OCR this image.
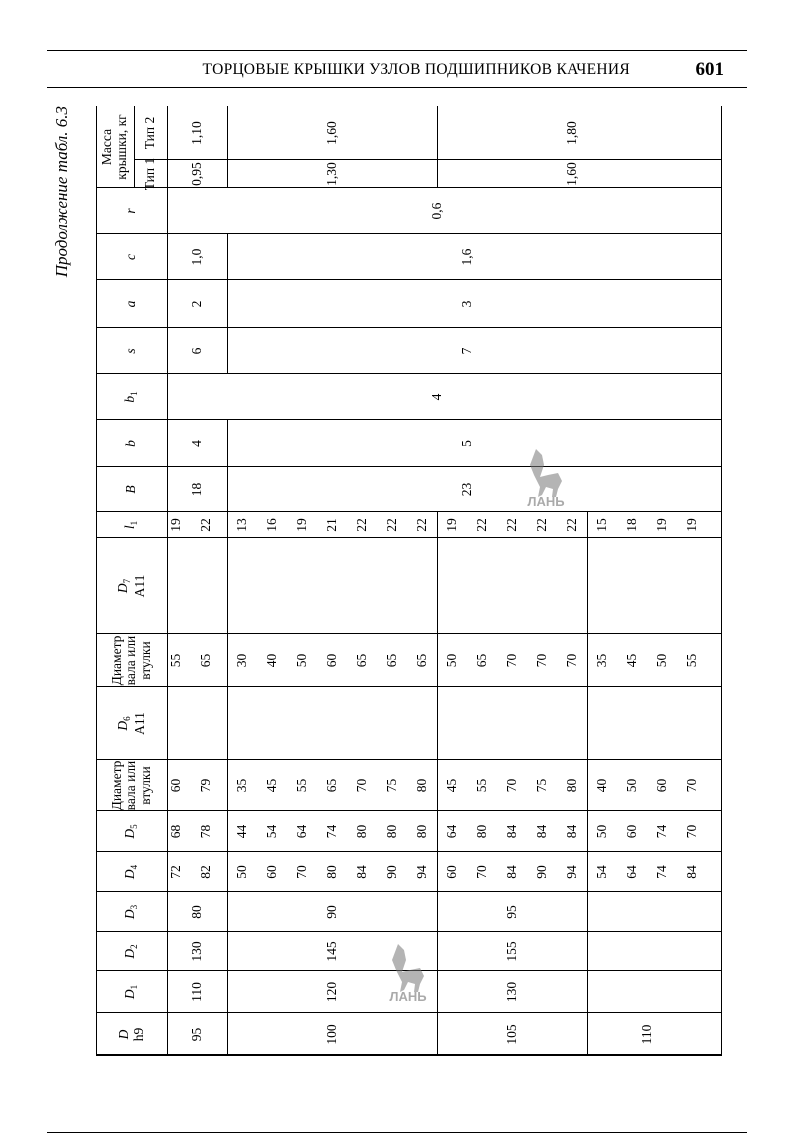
ТОРЦОВЫЕ КРЫШКИ УЗЛОВ ПОДШИПНИКОВ КАЧЕНИЯ	601
Продолжение табл. 6.3
D h9
$D_1$
$D_2$
$D_3$
$D_4$
$D_5$
Диаметр вала или втулки
$D_6$ A11
Диаметр вала или втулки
$D_7$ A11
$l_1$
B
b
$b_1$
s
a
c
r
Масса крышки, кг Тип 1
Тип 2
72
68
60
55
19
82
78
79
65
22
50
44
35
30
13
60
54
45
40
16
70
64
55
50
19
80
74
65
60
21
84
80
70
65
22
90
80
75
65
22
94
80
80
65
22
60
64
45
50
19
70
80
55
65
22
84
84
70
70
22
90
84
75
70
22
94
84
80
70
22
54
50
40
35
15
64
60
50
45
18
74
74
60
50
19
84
70
70
55
19
95
110
130
80
100
120
145
90
105
130
155
95
110
18
4
6
2
1,0
0,95
1,10
23
5
7
3
1,6
4
0,6
1,30
1,60
1,60
1,80
ЛАНЬ
ЛАНЬ
